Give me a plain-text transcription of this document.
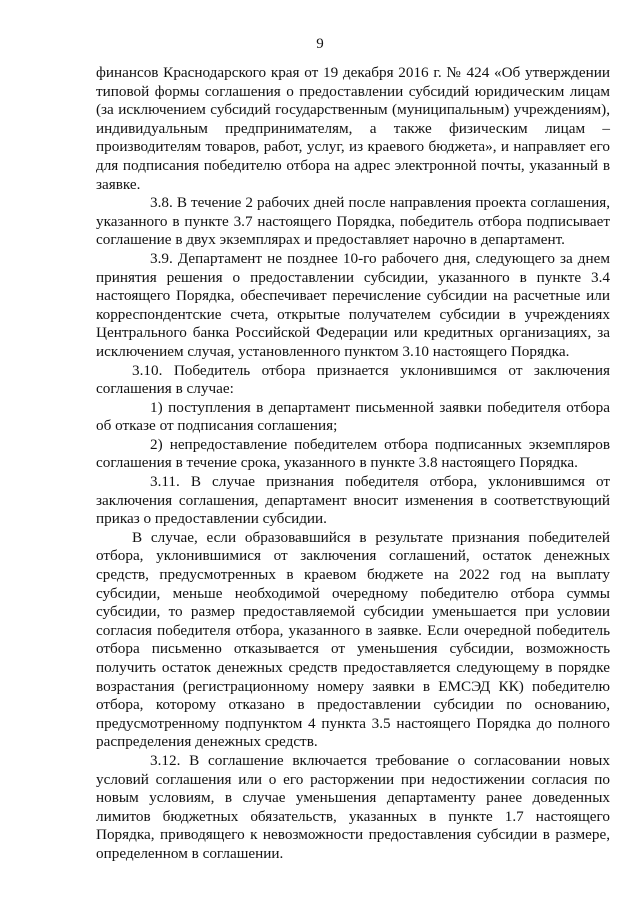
9

финансов Краснодарского края от 19 декабря 2016 г. № 424 «Об утверждении типовой формы соглашения о предоставлении субсидий юридическим лицам (за исключением субсидий государственным (муниципальным) учреждениям), индивидуальным предпринимателям, а также физическим лицам – производителям товаров, работ, услуг, из краевого бюджета», и направляет его для подписания победителю отбора на адрес электронной почты, указанный в заявке.

3.8. В течение 2 рабочих дней после направления проекта соглашения, указанного в пункте 3.7 настоящего Порядка, победитель отбора подписывает соглашение в двух экземплярах и предоставляет нарочно в департамент.

3.9. Департамент не позднее 10-го рабочего дня, следующего за днем принятия решения о предоставлении субсидии, указанного в пункте 3.4 настоящего Порядка, обеспечивает перечисление субсидии на расчетные или корреспондентские счета, открытые получателем субсидии в учреждениях Центрального банка Российской Федерации или кредитных организациях, за исключением случая, установленного пунктом 3.10 настоящего Порядка.

3.10. Победитель отбора признается уклонившимся от заключения соглашения в случае:

1) поступления в департамент письменной заявки победителя отбора об отказе от подписания соглашения;

2) непредоставление победителем отбора подписанных экземпляров соглашения в течение срока, указанного в пункте 3.8 настоящего Порядка.

3.11. В случае признания победителя отбора, уклонившимся от заключения соглашения, департамент вносит изменения в соответствующий приказ о предоставлении субсидии.

В случае, если образовавшийся в результате признания победителей отбора, уклонившимися от заключения соглашений, остаток денежных средств, предусмотренных в краевом бюджете на 2022 год на выплату субсидии, меньше необходимой очередному победителю отбора суммы субсидии, то размер предоставляемой субсидии уменьшается при условии согласия победителя отбора, указанного в заявке. Если очередной победитель отбора письменно отказывается от уменьшения субсидии, возможность получить остаток денежных средств предоставляется следующему в порядке возрастания (регистрационному номеру заявки в ЕМСЭД КК) победителю отбора, которому отказано в предоставлении субсидии по основанию, предусмотренному подпунктом 4 пункта 3.5 настоящего Порядка до полного распределения денежных средств.

3.12. В соглашение включается требование о согласовании новых условий соглашения или о его расторжении при недостижении согласия по новым условиям, в случае уменьшения департаменту ранее доведенных лимитов бюджетных обязательств, указанных в пункте 1.7 настоящего Порядка, приводящего к невозможности предоставления субсидии в размере, определенном в соглашении.
